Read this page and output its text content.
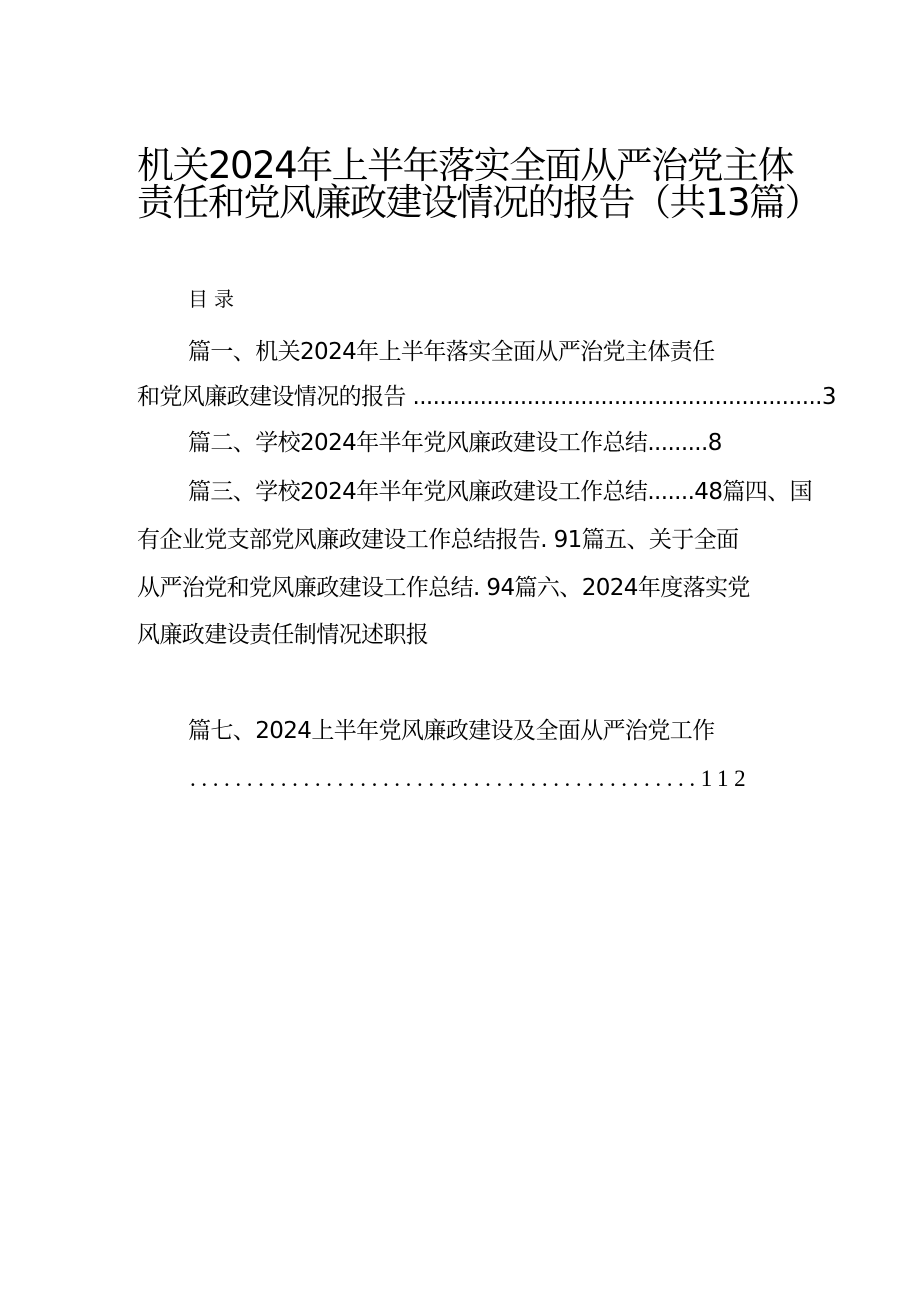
机关2024年上半年落实全面从严治党主体
责任和党风廉政建设情况的报告（共13篇）
目录
篇一、机关2024年上半年落实全面从严治党主体责任
和党风廉政建设情况的报告 .............................................................3
篇二、学校2024年半年党风廉政建设工作总结.........8
篇三、学校2024年半年党风廉政建设工作总结.......48篇四、国
有企业党支部党风廉政建设工作总结报告. 91篇五、关于全面
从严治党和党风廉政建设工作总结. 94篇六、2024年度落实党
风廉政建设责任制情况述职报
篇七、2024上半年党风廉政建设及全面从严治党工作
.............................................112
